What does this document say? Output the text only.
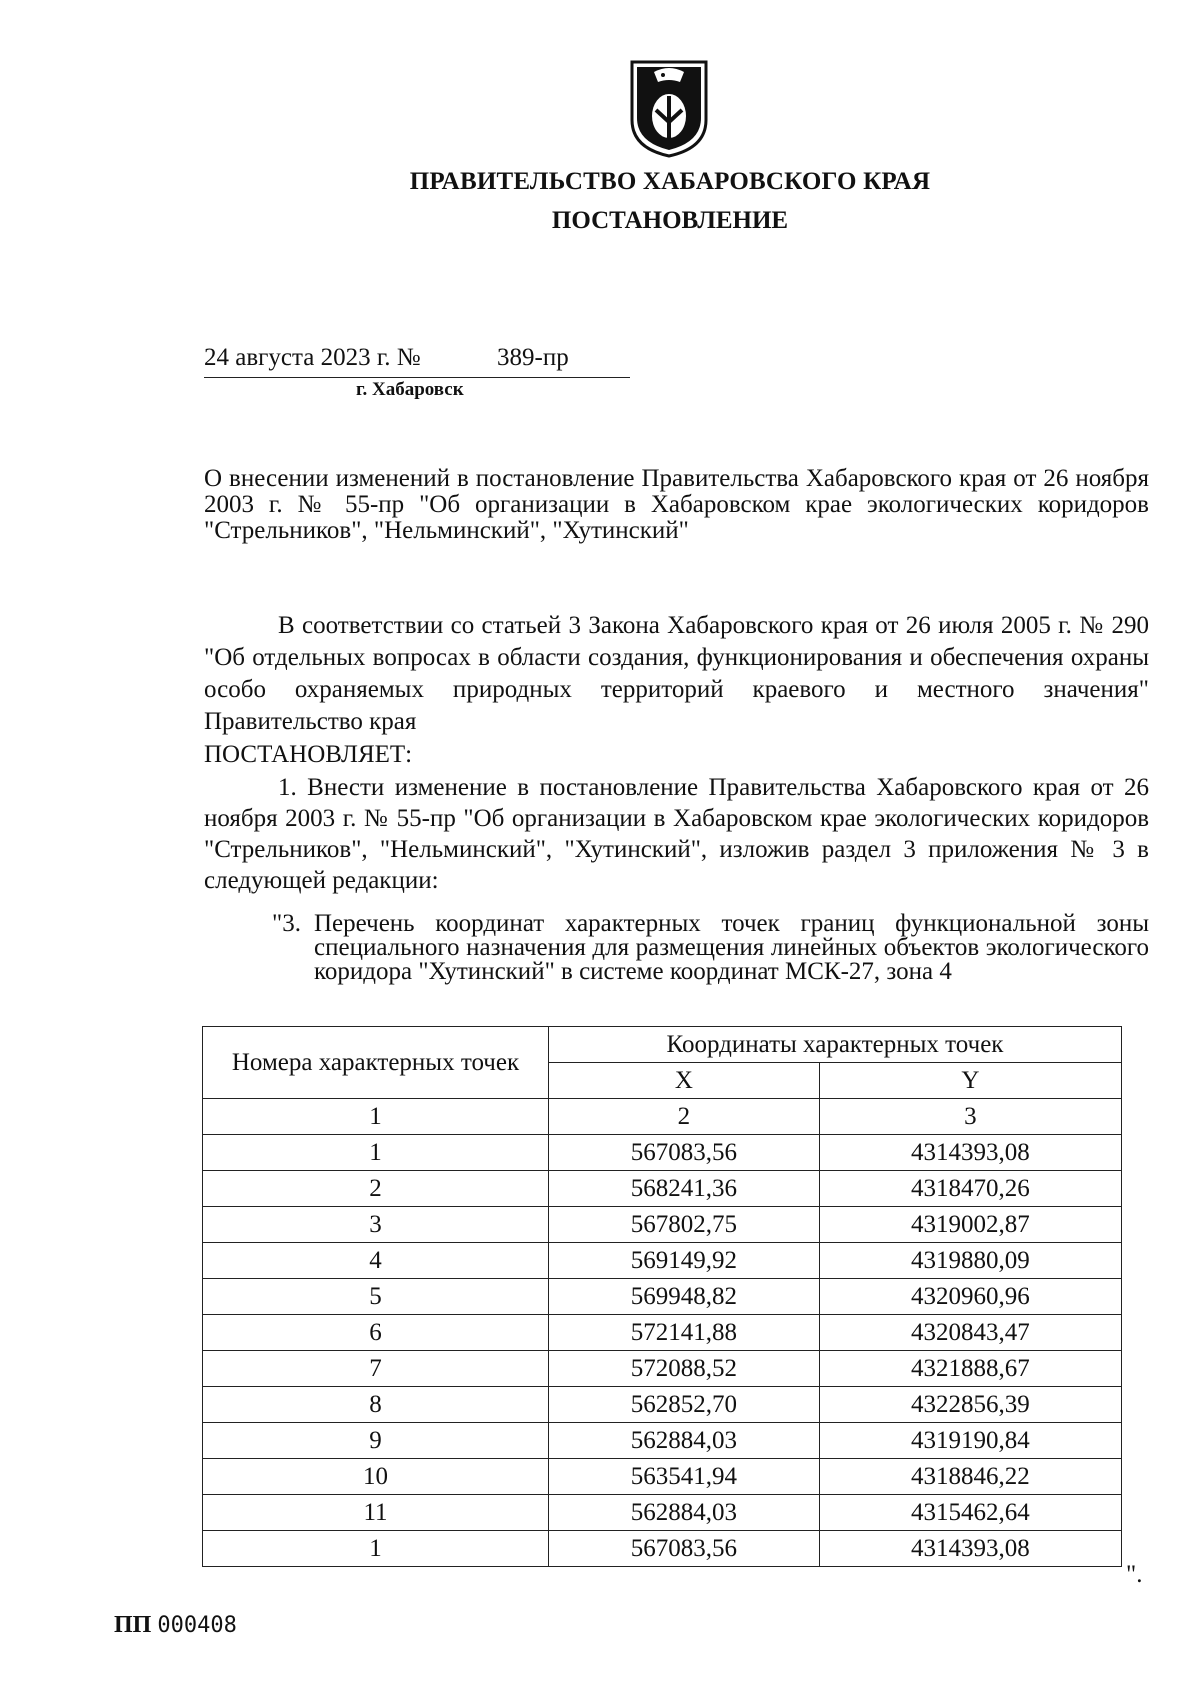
ПРАВИТЕЛЬСТВО ХАБАРОВСКОГО КРАЯ
ПОСТАНОВЛЕНИЕ
24 августа 2023 г. №	389-пр
г. Хабаровск
О внесении изменений в постановление Правительства Хабаровского края от 26 ноября 2003 г. № 55-пр "Об организации в Хабаровском крае экологических коридоров "Стрельников", "Нельминский", "Хутинский"
В соответствии со статьей 3 Закона Хабаровского края от 26 июля 2005 г. № 290 "Об отдельных вопросах в области создания, функционирования и обеспечения охраны особо охраняемых природных территорий краевого и местного значения" Правительство края
ПОСТАНОВЛЯЕТ:
1. Внести изменение в постановление Правительства Хабаровского края от 26 ноября 2003 г. № 55-пр "Об организации в Хабаровском крае экологических коридоров "Стрельников", "Нельминский", "Хутинский", изложив раздел 3 приложения № 3 в следующей редакции:
"3. Перечень координат характерных точек границ функциональной зоны специального назначения для размещения линейных объектов экологического коридора "Хутинский" в системе координат МСК-27, зона 4
Номера характерных точек	Координаты характерных точек	
	X	Y
1	2	3
1	567083,56	4314393,08
2	568241,36	4318470,26
3	567802,75	4319002,87
4	569149,92	4319880,09
5	569948,82	4320960,96
6	572141,88	4320843,47
7	572088,52	4321888,67
8	562852,70	4322856,39
9	562884,03	4319190,84
10	563541,94	4318846,22
11	562884,03	4315462,64
1	567083,56	4314393,08
".
ПП 000408
